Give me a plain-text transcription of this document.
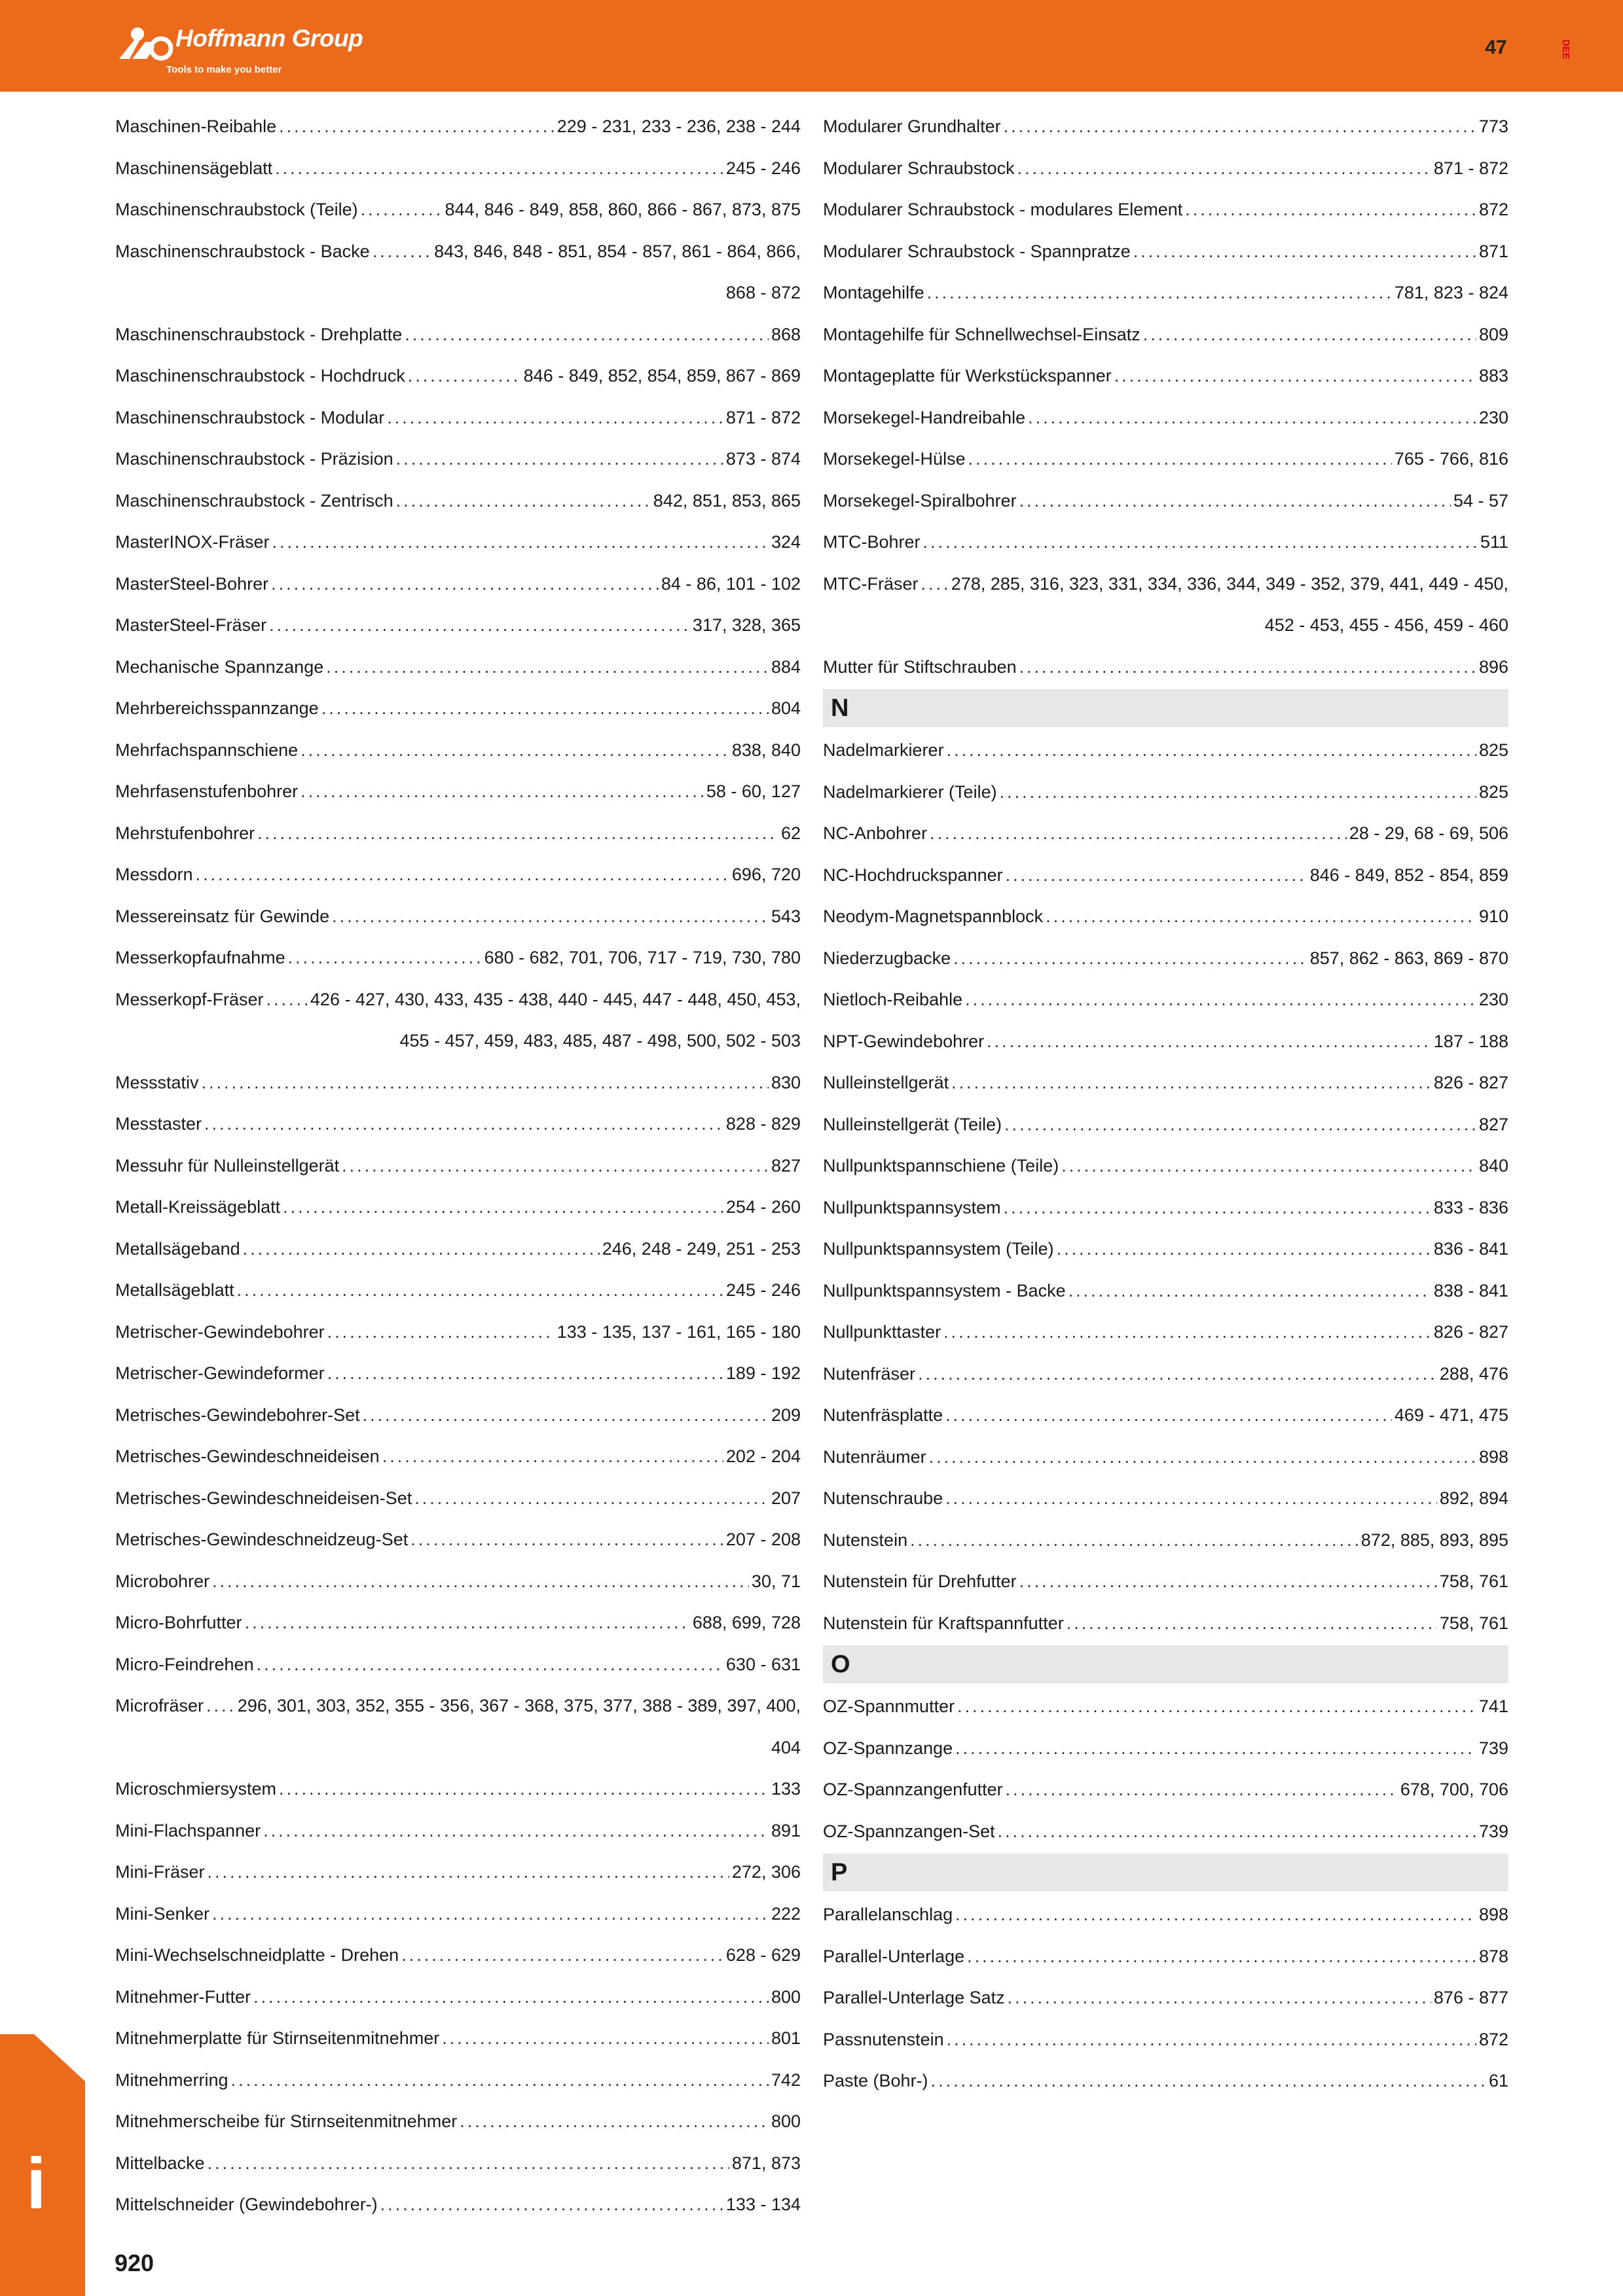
Hoffmann Group
Tools to make you better
47	DEE
Maschinen-Reibahle .....	229 - 231, 233 - 236, 238 - 244
Maschinensägeblatt .....	245 - 246
Maschinenschraubstock (Teile) .....	844, 846 - 849, 858, 860, 866 - 867, 873, 875
Maschinenschraubstock - Backe .....	843, 846, 848 - 851, 854 - 857, 861 - 864, 866,
868 - 872
Maschinenschraubstock - Drehplatte .....	868
Maschinenschraubstock - Hochdruck .....	846 - 849, 852, 854, 859, 867 - 869
Maschinenschraubstock - Modular .....	871 - 872
Maschinenschraubstock - Präzision .....	873 - 874
Maschinenschraubstock - Zentrisch .....	842, 851, 853, 865
MasterINOX-Fräser .....	324
MasterSteel-Bohrer .....	84 - 86, 101 - 102
MasterSteel-Fräser .....	317, 328, 365
Mechanische Spannzange .....	884
Mehrbereichsspannzange .....	804
Mehrfachspannschiene .....	838, 840
Mehrfasenstufenbohrer .....	58 - 60, 127
Mehrstufenbohrer .....	62
Messdorn .....	696, 720
Messereinsatz für Gewinde .....	543
Messerkopfaufnahme .....	680 - 682, 701, 706, 717 - 719, 730, 780
Messerkopf-Fräser .....	426 - 427, 430, 433, 435 - 438, 440 - 445, 447 - 448, 450, 453,
455 - 457, 459, 483, 485, 487 - 498, 500, 502 - 503
Messstativ .....	830
Messtaster .....	828 - 829
Messuhr für Nulleinstellgerät .....	827
Metall-Kreissägeblatt .....	254 - 260
Metallsägeband .....	246, 248 - 249, 251 - 253
Metallsägeblatt .....	245 - 246
Metrischer-Gewindebohrer .....	133 - 135, 137 - 161, 165 - 180
Metrischer-Gewindeformer .....	189 - 192
Metrisches-Gewindebohrer-Set .....	209
Metrisches-Gewindeschneideisen .....	202 - 204
Metrisches-Gewindeschneideisen-Set .....	207
Metrisches-Gewindeschneidzeug-Set .....	207 - 208
Microbohrer .....	30, 71
Micro-Bohrfutter .....	688, 699, 728
Micro-Feindrehen .....	630 - 631
Microfräser ..... 296, 301, 303, 352, 355 - 356, 367 - 368, 375, 377, 388 - 389, 397, 400,
404
Microschmiersystem .....	133
Mini-Flachspanner .....	891
Mini-Fräser .....	272, 306
Mini-Senker .....	222
Mini-Wechselschneidplatte - Drehen .....	628 - 629
Mitnehmer-Futter .....	800
Mitnehmerplatte für Stirnseitenmitnehmer .....	801
Mitnehmerring .....	742
Mitnehmerscheibe für Stirnseitenmitnehmer .....	800
Mittelbacke .....	871, 873
Mittelschneider (Gewindebohrer-) .....	133 - 134
Modularer Grundhalter .....	773
Modularer Schraubstock .....	871 - 872
Modularer Schraubstock - modulares Element .....	872
Modularer Schraubstock - Spannpratze .....	871
Montagehilfe .....	781, 823 - 824
Montagehilfe für Schnellwechsel-Einsatz .....	809
Montageplatte für Werkstückspanner .....	883
Morsekegel-Handreibahle .....	230
Morsekegel-Hülse .....	765 - 766, 816
Morsekegel-Spiralbohrer .....	54 - 57
MTC-Bohrer .....	511
MTC-Fräser ..... 278, 285, 316, 323, 331, 334, 336, 344, 349 - 352, 379, 441, 449 - 450,
452 - 453, 455 - 456, 459 - 460
Mutter für Stiftschrauben .....	896
N
Nadelmarkierer .....	825
Nadelmarkierer (Teile) .....	825
NC-Anbohrer .....	28 - 29, 68 - 69, 506
NC-Hochdruckspanner .....	846 - 849, 852 - 854, 859
Neodym-Magnetspannblock .....	910
Niederzugbacke .....	857, 862 - 863, 869 - 870
Nietloch-Reibahle .....	230
NPT-Gewindebohrer .....	187 - 188
Nulleinstellgerät .....	826 - 827
Nulleinstellgerät (Teile) .....	827
Nullpunktspannschiene (Teile) .....	840
Nullpunktspannsystem .....	833 - 836
Nullpunktspannsystem (Teile) .....	836 - 841
Nullpunktspannsystem - Backe .....	838 - 841
Nullpunkttaster .....	826 - 827
Nutenfräser .....	288, 476
Nutenfräsplatte .....	469 - 471, 475
Nutenräumer .....	898
Nutenschraube .....	892, 894
Nutenstein .....	872, 885, 893, 895
Nutenstein für Drehfutter .....	758, 761
Nutenstein für Kraftspannfutter .....	758, 761
O
OZ-Spannmutter .....	741
OZ-Spannzange .....	739
OZ-Spannzangenfutter .....	678, 700, 706
OZ-Spannzangen-Set .....	739
P
Parallelanschlag .....	898
Parallel-Unterlage .....	878
Parallel-Unterlage Satz .....	876 - 877
Passnutenstein .....	872
Paste (Bohr-) .....	61
i
920
